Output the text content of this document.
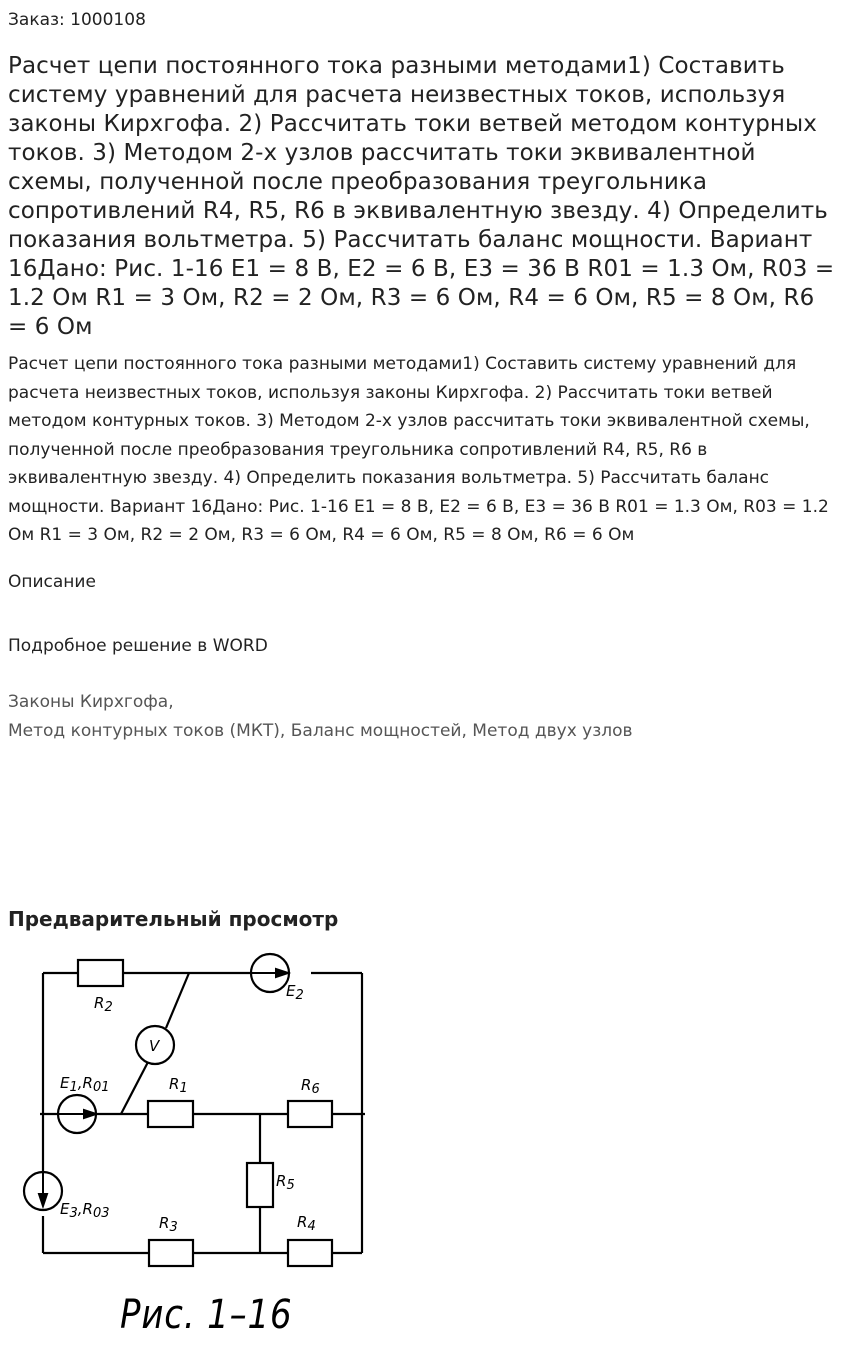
Заказ: 1000108
Расчет цепи постоянного тока разными методами1) Составить систему уравнений для расчета неизвестных токов, используя законы Кирхгофа. 2) Рассчитать токи ветвей методом контурных токов. 3) Методом 2-х узлов рассчитать токи эквивалентной схемы, полученной после преобразования треугольника сопротивлений R4, R5, R6 в эквивалентную звезду. 4) Определить показания вольтметра. 5) Рассчитать баланс мощности. Вариант 16Дано: Рис. 1-16 E1 = 8 В, E2 = 6 В, E3 = 36 В R01 = 1.3 Ом, R03 = 1.2 Ом R1 = 3 Ом, R2 = 2 Ом, R3 = 6 Ом, R4 = 6 Ом, R5 = 8 Ом, R6 = 6 Ом

Расчет цепи постоянного тока разными методами1) Составить систему уравнений для расчета неизвестных токов, используя законы Кирхгофа. 2) Рассчитать токи ветвей методом контурных токов. 3) Методом 2-х узлов рассчитать токи эквивалентной схемы, полученной после преобразования треугольника сопротивлений R4, R5, R6 в эквивалентную звезду. 4) Определить показания вольтметра. 5) Рассчитать баланс мощности. Вариант 16Дано: Рис. 1-16 E1 = 8 В, E2 = 6 В, E3 = 36 В R01 = 1.3 Ом, R03 = 1.2 Ом R1 = 3 Ом, R2 = 2 Ом, R3 = 6 Ом, R4 = 6 Ом, R5 = 8 Ом, R6 = 6 Ом

Описание
Подробное решение в WORD
Законы Кирхгофа,
Метод контурных токов (МКТ), Баланс мощностей, Метод двух узлов
Предварительный просмотр
R2
E2
V
E1,R01	R1	R6
R5
E3,R03
R3	R4
Рис. 1–16
